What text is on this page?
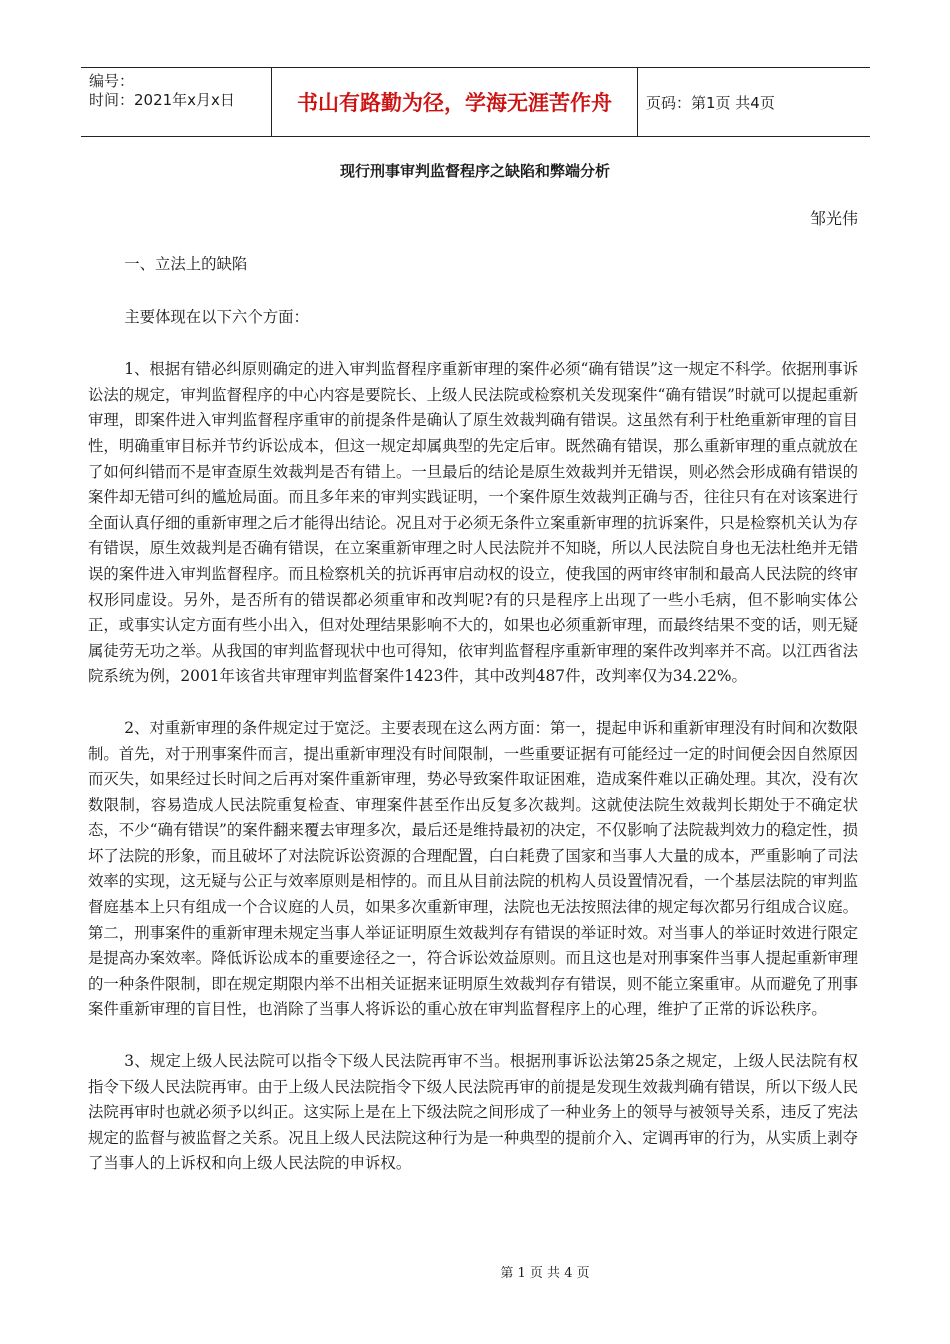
编号：
时间：2021年x月x日	书山有路勤为径，学海无涯苦作舟	页码：第1页 共4页
现行刑事审判监督程序之缺陷和弊端分析
邹光伟

一、立法上的缺陷

主要体现在以下六个方面：

1、根据有错必纠原则确定的进入审判监督程序重新审理的案件必须“确有错误”这一规定不科学。依据刑事诉讼法的规定，审判监督程序的中心内容是要院长、上级人民法院或检察机关发现案件“确有错误”时就可以提起重新审理，即案件进入审判监督程序重审的前提条件是确认了原生效裁判确有错误。这虽然有利于杜绝重新审理的盲目性，明确重审目标并节约诉讼成本，但这一规定却属典型的先定后审。既然确有错误，那么重新审理的重点就放在了如何纠错而不是审查原生效裁判是否有错上。一旦最后的结论是原生效裁判并无错误，则必然会形成确有错误的案件却无错可纠的尴尬局面。而且多年来的审判实践证明，一个案件原生效裁判正确与否，往往只有在对该案进行全面认真仔细的重新审理之后才能得出结论。况且对于必须无条件立案重新审理的抗诉案件，只是检察机关认为存有错误，原生效裁判是否确有错误，在立案重新审理之时人民法院并不知晓，所以人民法院自身也无法杜绝并无错误的案件进入审判监督程序。而且检察机关的抗诉再审启动权的设立，使我国的两审终审制和最高人民法院的终审权形同虚设。另外，是否所有的错误都必须重审和改判呢?有的只是程序上出现了一些小毛病，但不影响实体公正，或事实认定方面有些小出入，但对处理结果影响不大的，如果也必须重新审理，而最终结果不变的话，则无疑属徒劳无功之举。从我国的审判监督现状中也可得知，依审判监督程序重新审理的案件改判率并不高。以江西省法院系统为例，2001年该省共审理审判监督案件1423件，其中改判487件，改判率仅为34.22%。

2、对重新审理的条件规定过于宽泛。主要表现在这么两方面：第一，提起申诉和重新审理没有时间和次数限制。首先，对于刑事案件而言，提出重新审理没有时间限制，一些重要证据有可能经过一定的时间便会因自然原因而灭失，如果经过长时间之后再对案件重新审理，势必导致案件取证困难，造成案件难以正确处理。其次，没有次数限制，容易造成人民法院重复检查、审理案件甚至作出反复多次裁判。这就使法院生效裁判长期处于不确定状态，不少“确有错误”的案件翻来覆去审理多次，最后还是维持最初的决定，不仅影响了法院裁判效力的稳定性，损坏了法院的形象，而且破坏了对法院诉讼资源的合理配置，白白耗费了国家和当事人大量的成本，严重影响了司法效率的实现，这无疑与公正与效率原则是相悖的。而且从目前法院的机构人员设置情况看，一个基层法院的审判监督庭基本上只有组成一个合议庭的人员，如果多次重新审理，法院也无法按照法律的规定每次都另行组成合议庭。第二，刑事案件的重新审理未规定当事人举证证明原生效裁判存有错误的举证时效。对当事人的举证时效进行限定是提高办案效率。降低诉讼成本的重要途径之一，符合诉讼效益原则。而且这也是对刑事案件当事人提起重新审理的一种条件限制，即在规定期限内举不出相关证据来证明原生效裁判存有错误，则不能立案重审。从而避免了刑事案件重新审理的盲目性，也消除了当事人将诉讼的重心放在审判监督程序上的心理，维护了正常的诉讼秩序。

3、规定上级人民法院可以指令下级人民法院再审不当。根据刑事诉讼法第25条之规定，上级人民法院有权指令下级人民法院再审。由于上级人民法院指令下级人民法院再审的前提是发现生效裁判确有错误，所以下级人民法院再审时也就必须予以纠正。这实际上是在上下级法院之间形成了一种业务上的领导与被领导关系，违反了宪法规定的监督与被监督之关系。况且上级人民法院这种行为是一种典型的提前介入、定调再审的行为，从实质上剥夺了当事人的上诉权和向上级人民法院的申诉权。

第 1 页 共 4 页
